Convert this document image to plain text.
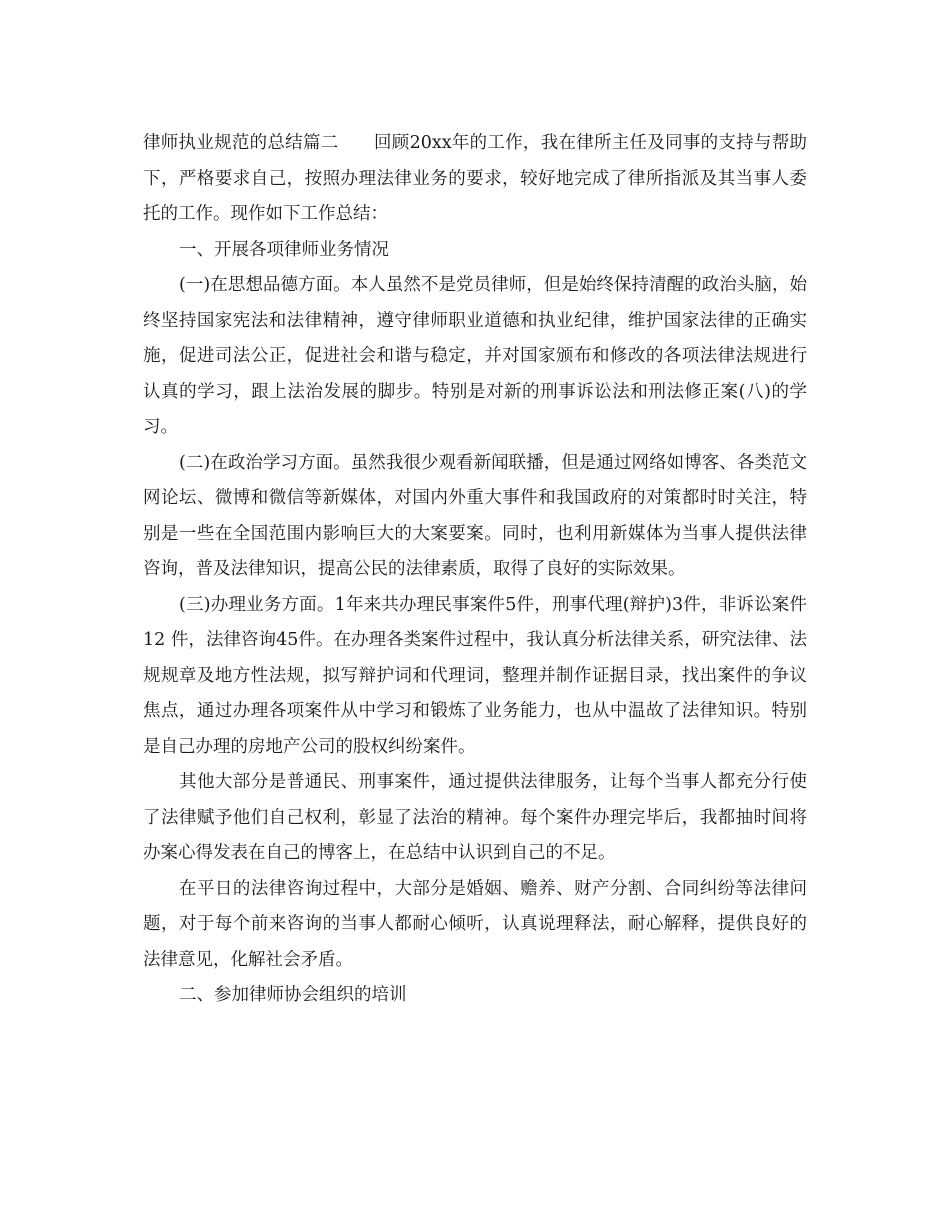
律师执业规范的总结篇二　　回顾20xx年的工作，我在律所主任及同事的支持与帮助下，严格要求自己，按照办理法律业务的要求，较好地完成了律所指派及其当事人委托的工作。现作如下工作总结：

一、开展各项律师业务情况

(一)在思想品德方面。本人虽然不是党员律师，但是始终保持清醒的政治头脑，始终坚持国家宪法和法律精神，遵守律师职业道德和执业纪律，维护国家法律的正确实施，促进司法公正，促进社会和谐与稳定，并对国家颁布和修改的各项法律法规进行认真的学习，跟上法治发展的脚步。特别是对新的刑事诉讼法和刑法修正案(八)的学习。

(二)在政治学习方面。虽然我很少观看新闻联播，但是通过网络如博客、各类范文网论坛、微博和微信等新媒体，对国内外重大事件和我国政府的对策都时时关注，特别是一些在全国范围内影响巨大的大案要案。同时，也利用新媒体为当事人提供法律咨询，普及法律知识，提高公民的法律素质，取得了良好的实际效果。

(三)办理业务方面。1年来共办理民事案件5件，刑事代理(辩护)3件，非诉讼案件12 件，法律咨询45件。在办理各类案件过程中，我认真分析法律关系，研究法律、法规规章及地方性法规，拟写辩护词和代理词，整理并制作证据目录，找出案件的争议焦点，通过办理各项案件从中学习和锻炼了业务能力，也从中温故了法律知识。特别是自己办理的房地产公司的股权纠纷案件。

其他大部分是普通民、刑事案件，通过提供法律服务，让每个当事人都充分行使了法律赋予他们自己权利，彰显了法治的精神。每个案件办理完毕后，我都抽时间将办案心得发表在自己的博客上，在总结中认识到自己的不足。

在平日的法律咨询过程中，大部分是婚姻、赡养、财产分割、合同纠纷等法律问题，对于每个前来咨询的当事人都耐心倾听，认真说理释法，耐心解释，提供良好的法律意见，化解社会矛盾。

二、参加律师协会组织的培训
